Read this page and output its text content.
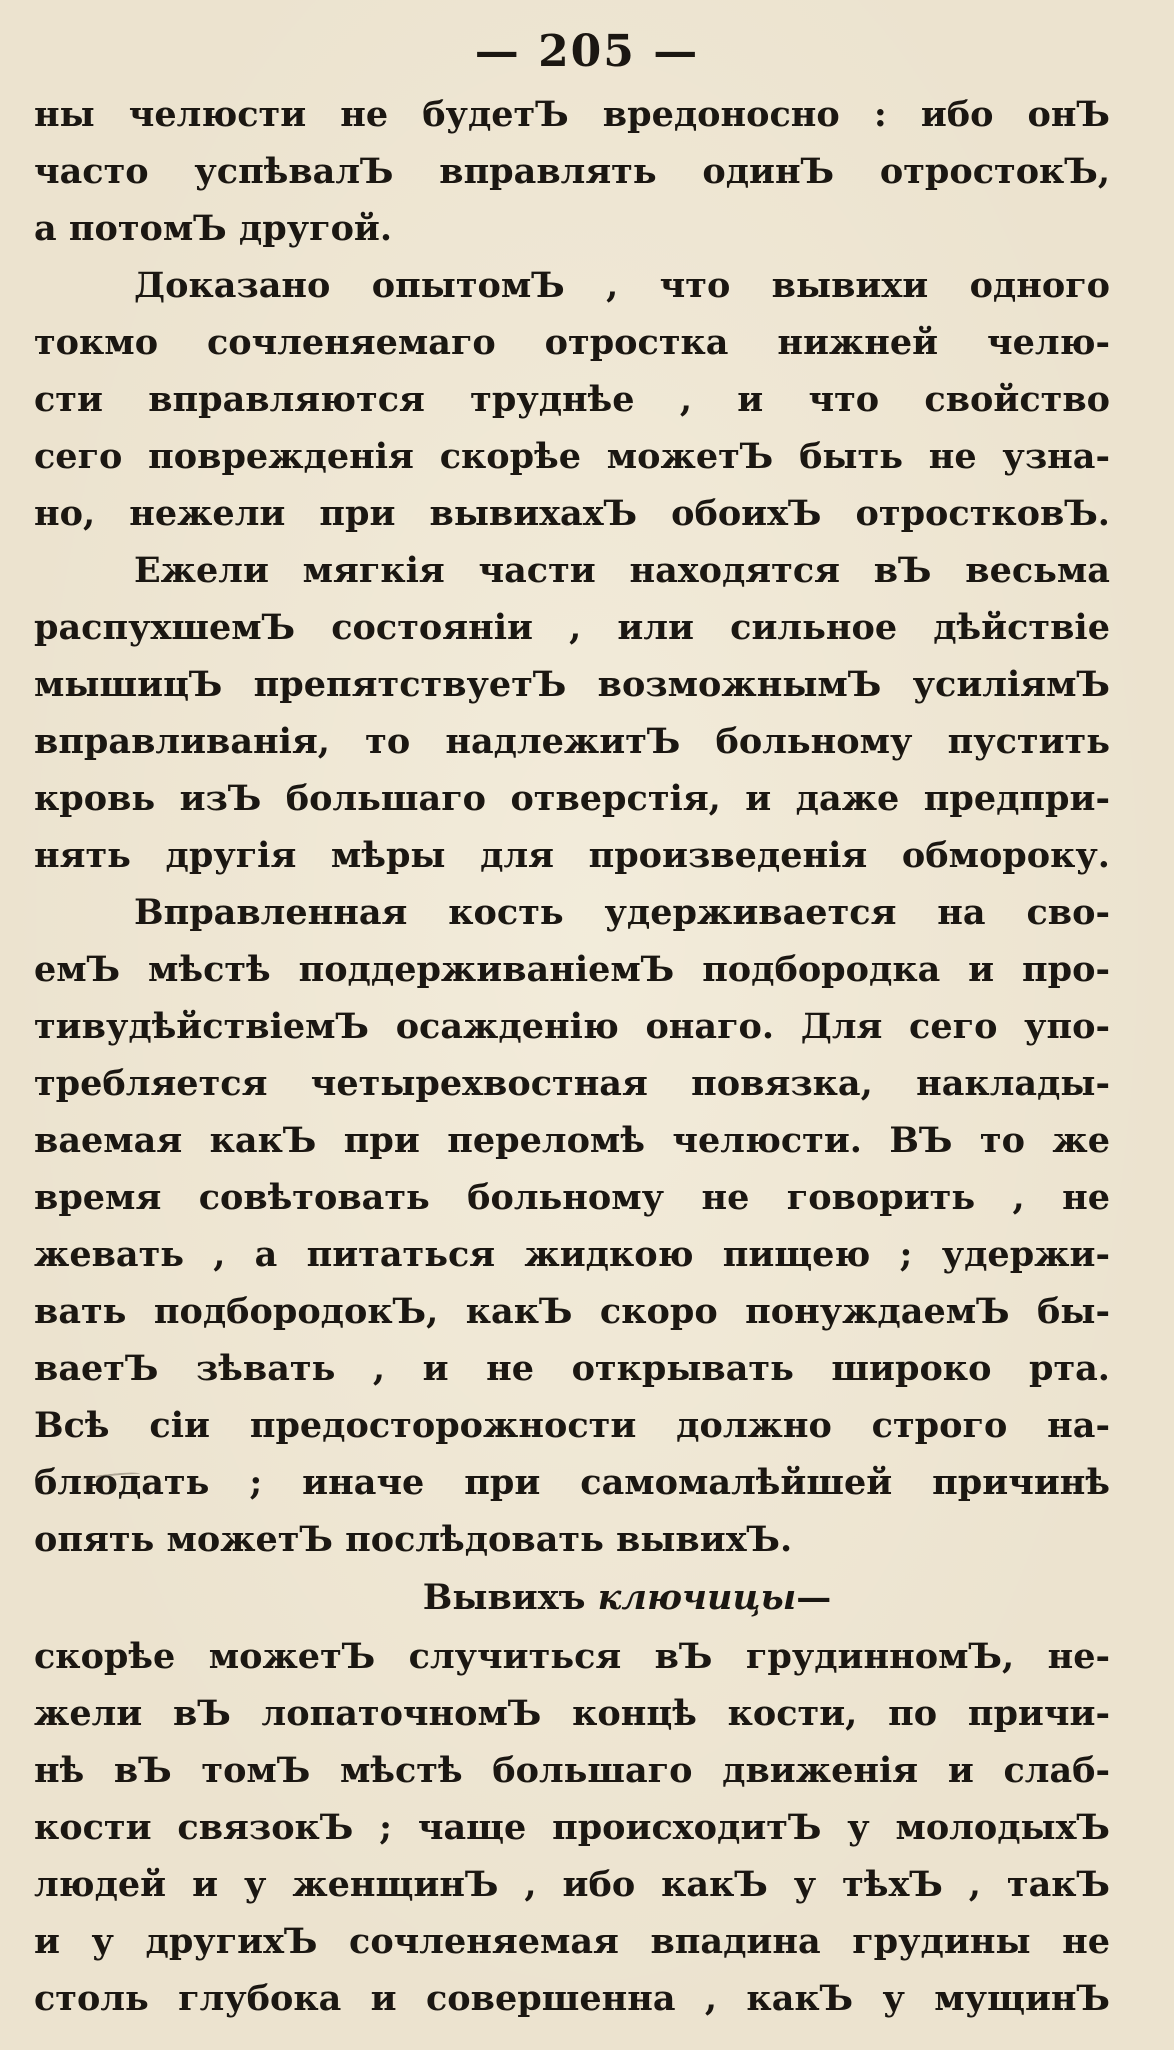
— 205 —
ны челюсти не будетЪ вредоносно : ибо онЪ
часто успѣвалЪ вправлять одинЪ отростокЪ,
а потомЪ другой.
Доказано опытомЪ , что вывихи одного
токмо сочленяемаго отростка нижней челю-
сти вправляются труднѣе , и что свойство
сего поврежденія скорѣе можетЪ быть не узна-
но, нежели при вывихахЪ обоихЪ отростковЪ.
Ежели мягкія части находятся вЪ весьма
распухшемЪ состояніи , или сильное дѣйствіе
мышицЪ препятствуетЪ возможнымЪ усиліямЪ
вправливанія, то надлежитЪ больному пустить
кровь изЪ большаго отверстія, и даже предпри-
нять другія мѣры для произведенія обмороку.
Вправленная кость удерживается на сво-
емЪ мѣстѣ поддерживаніемЪ подбородка и про-
тивудѣйствіемЪ осажденію онаго. Для сего упо-
требляется четырехвостная повязка, наклады-
ваемая какЪ при переломѣ челюсти. ВЪ то же
время совѣтовать больному не говорить , не
жевать , а питаться жидкою пищею ; удержи-
вать подбородокЪ, какЪ скоро понуждаемЪ бы-
ваетЪ зѣвать , и не открывать широко рта.
Всѣ сіи предосторожности должно строго на-
блюдать ; иначе при самомалѣйшей причинѣ
опять можетЪ послѣдовать вывихЪ.
Вывихъ ключицы—
скорѣе можетЪ случиться вЪ грудинномЪ, не-
жели вЪ лопаточномЪ концѣ кости, по причи-
нѣ вЪ томЪ мѣстѣ большаго движенія и слаб-
кости связокЪ ; чаще происходитЪ у молодыхЪ
людей и у женщинЪ , ибо какЪ у тѣхЪ , такЪ
и у другихЪ сочленяемая впадина грудины не
столь глубока и совершенна , какЪ у мущинЪ
